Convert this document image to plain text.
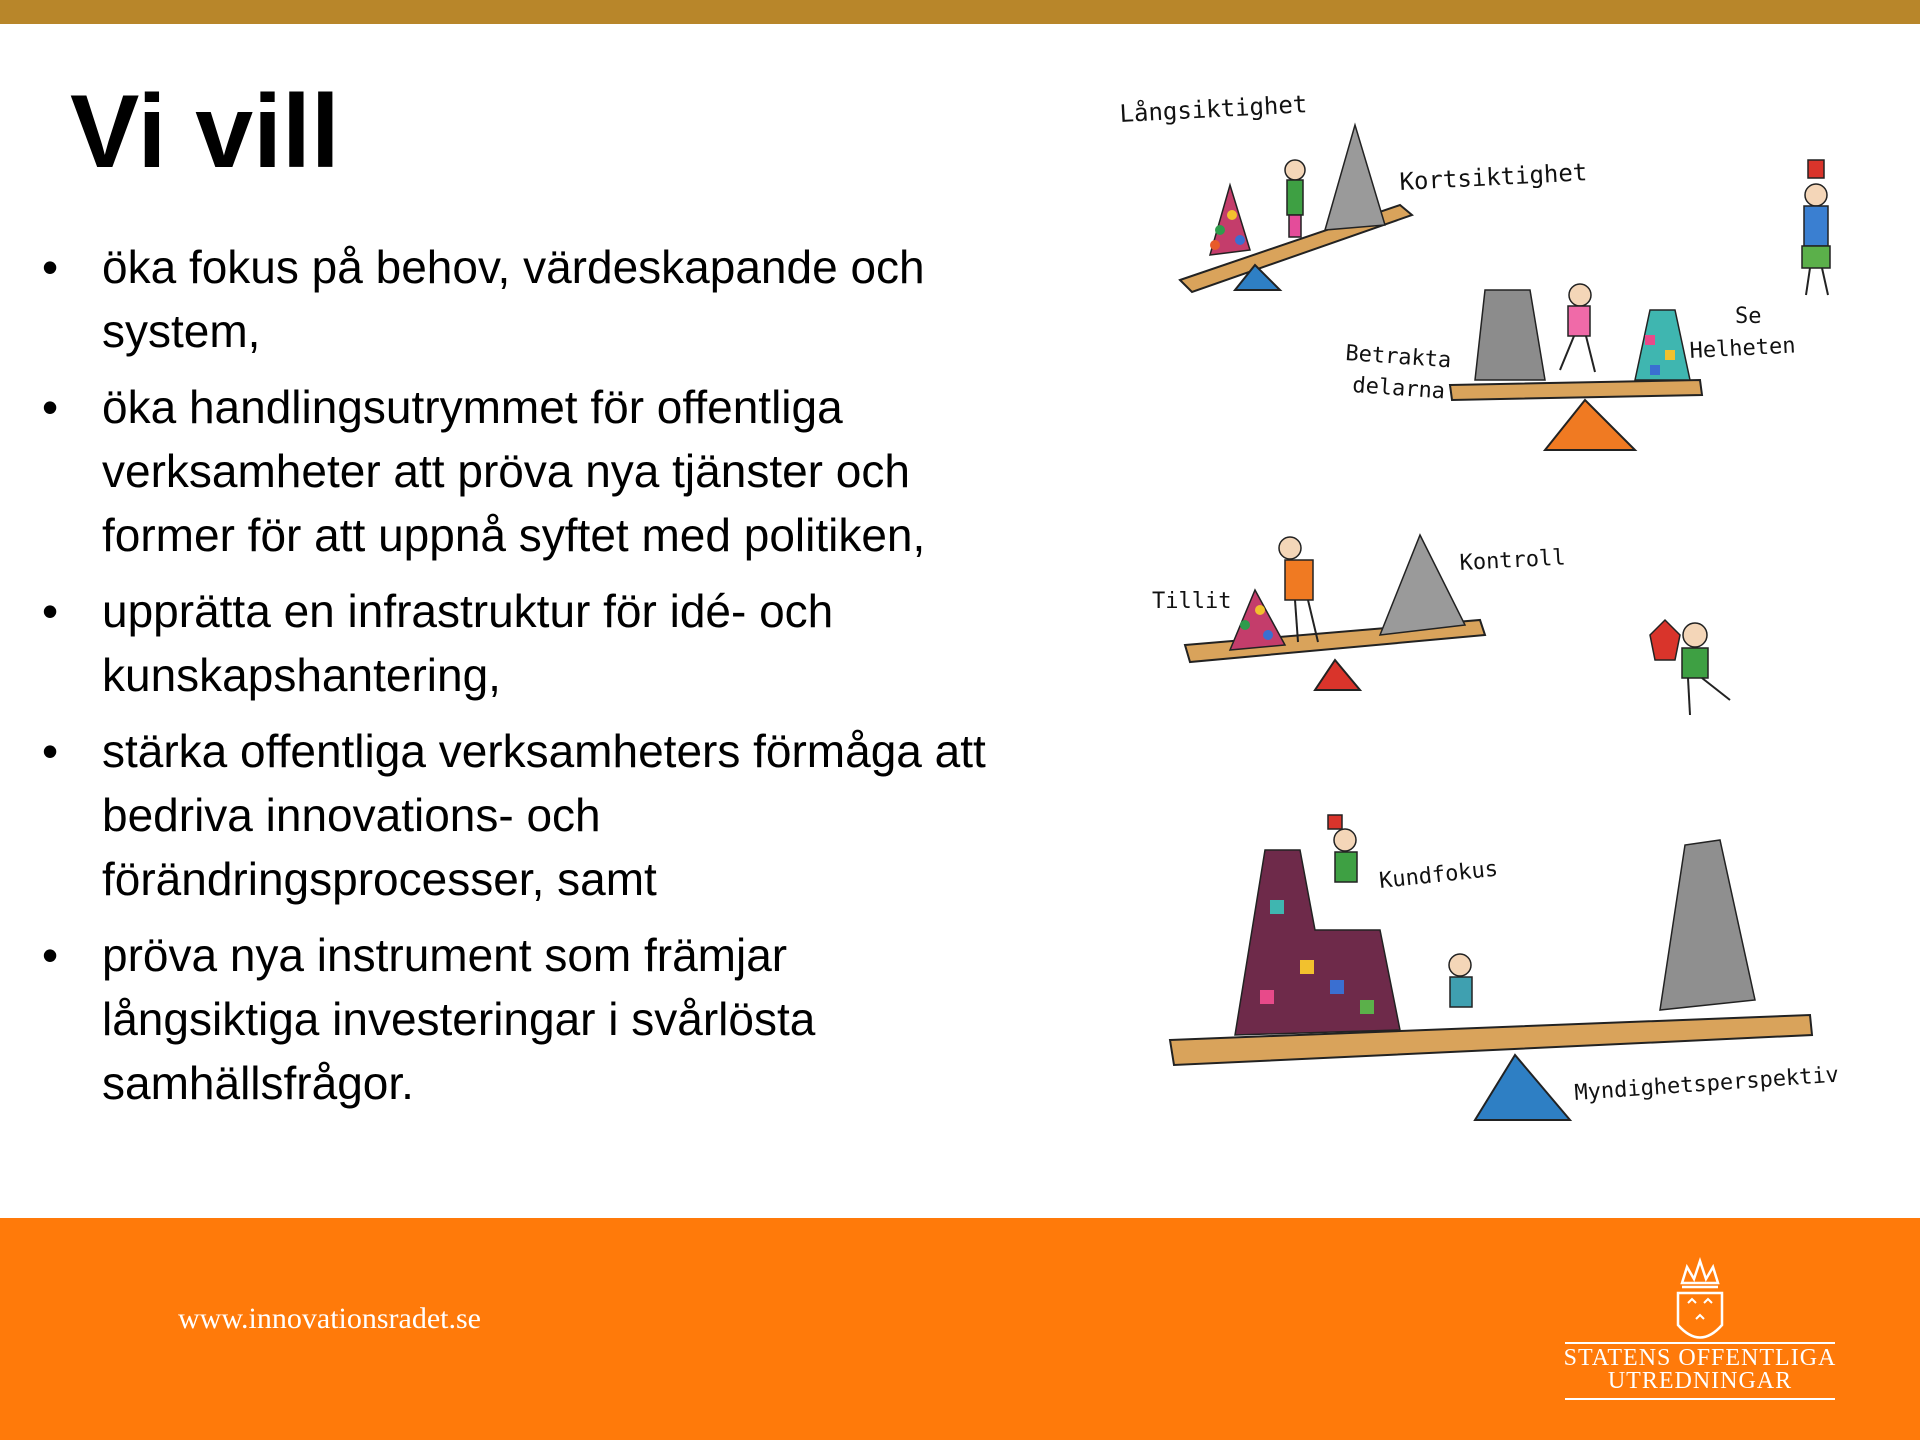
Vi vill
• öka fokus på behov, värdeskapande och system,
• öka handlingsutrymmet för offentliga verksamheter att pröva nya tjänster och former för att uppnå syftet med politiken,
• upprätta en infrastruktur för idé- och kunskapshantering,
• stärka offentliga verksamheters förmåga att bedriva innovations- och förändringsprocesser, samt
• pröva nya instrument som främjar långsiktiga investeringar i svårlösta samhällsfrågor.
Långsiktighet
Kortsiktighet
Betrakta
delarna
Se
Helheten
Tillit
Kontroll
Kundfokus
Myndighetsperspektiv
www.innovationsradet.se
STATENS OFFENTLIGA
UTREDNINGAR
